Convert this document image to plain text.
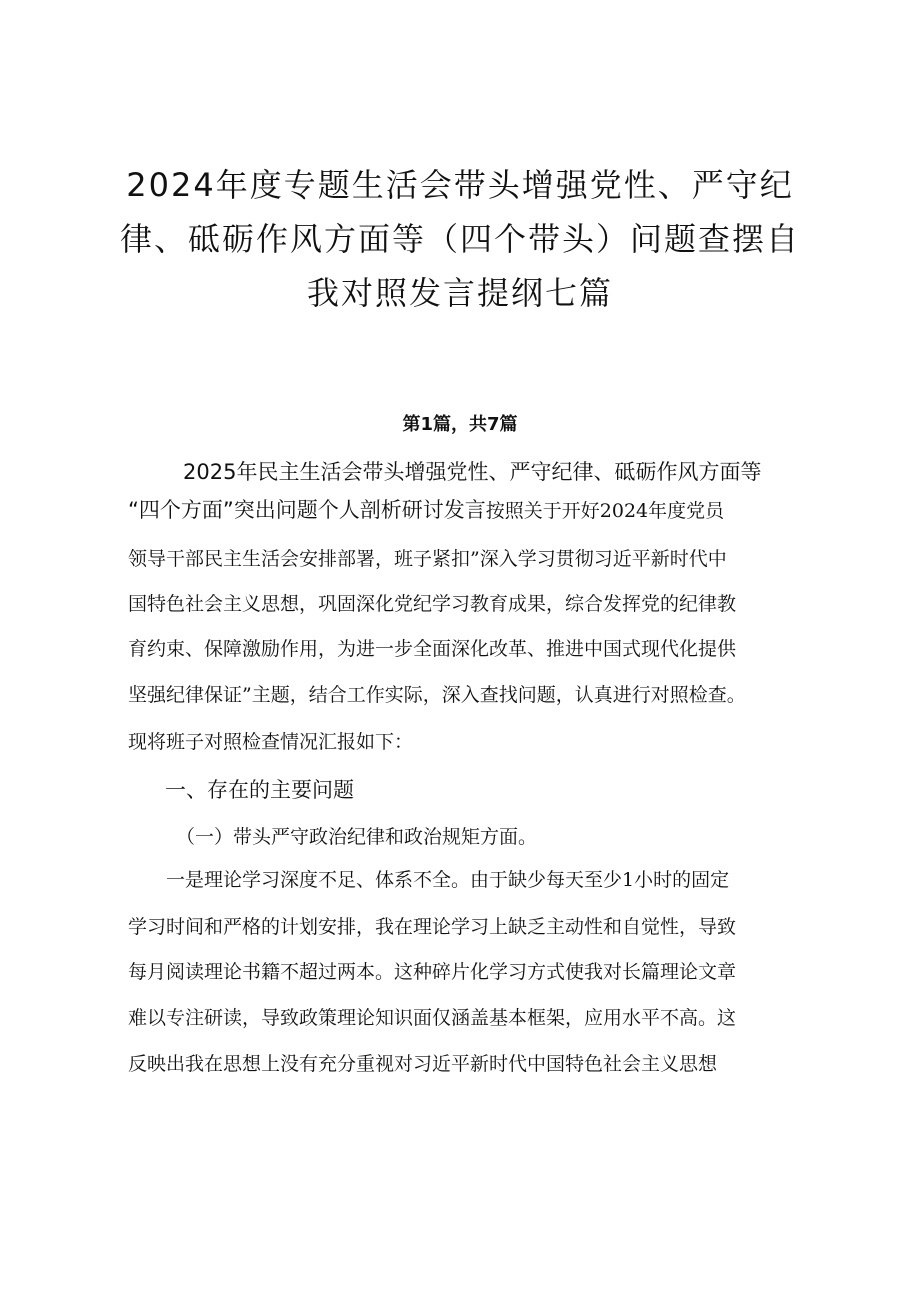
2024年度专题生活会带头增强党性、严守纪
律、砥砺作风方面等（四个带头）问题查摆自
我对照发言提纲七篇
第1篇，共7篇
2025年民主生活会带头增强党性、严守纪律、砥砺作风方面等
“四个方面”突出问题个人剖析研讨发言按照关于开好2024年度党员
领导干部民主生活会安排部署，班子紧扣”深入学习贯彻习近平新时代中
国特色社会主义思想，巩固深化党纪学习教育成果，综合发挥党的纪律教
育约束、保障激励作用，为进一步全面深化改革、推进中国式现代化提供
坚强纪律保证”主题，结合工作实际，深入查找问题，认真进行对照检查。
现将班子对照检查情况汇报如下：
一、存在的主要问题
（一）带头严守政治纪律和政治规矩方面。
一是理论学习深度不足、体系不全。由于缺少每天至少1小时的固定
学习时间和严格的计划安排，我在理论学习上缺乏主动性和自觉性，导致
每月阅读理论书籍不超过两本。这种碎片化学习方式使我对长篇理论文章
难以专注研读，导致政策理论知识面仅涵盖基本框架，应用水平不高。这
反映出我在思想上没有充分重视对习近平新时代中国特色社会主义思想
